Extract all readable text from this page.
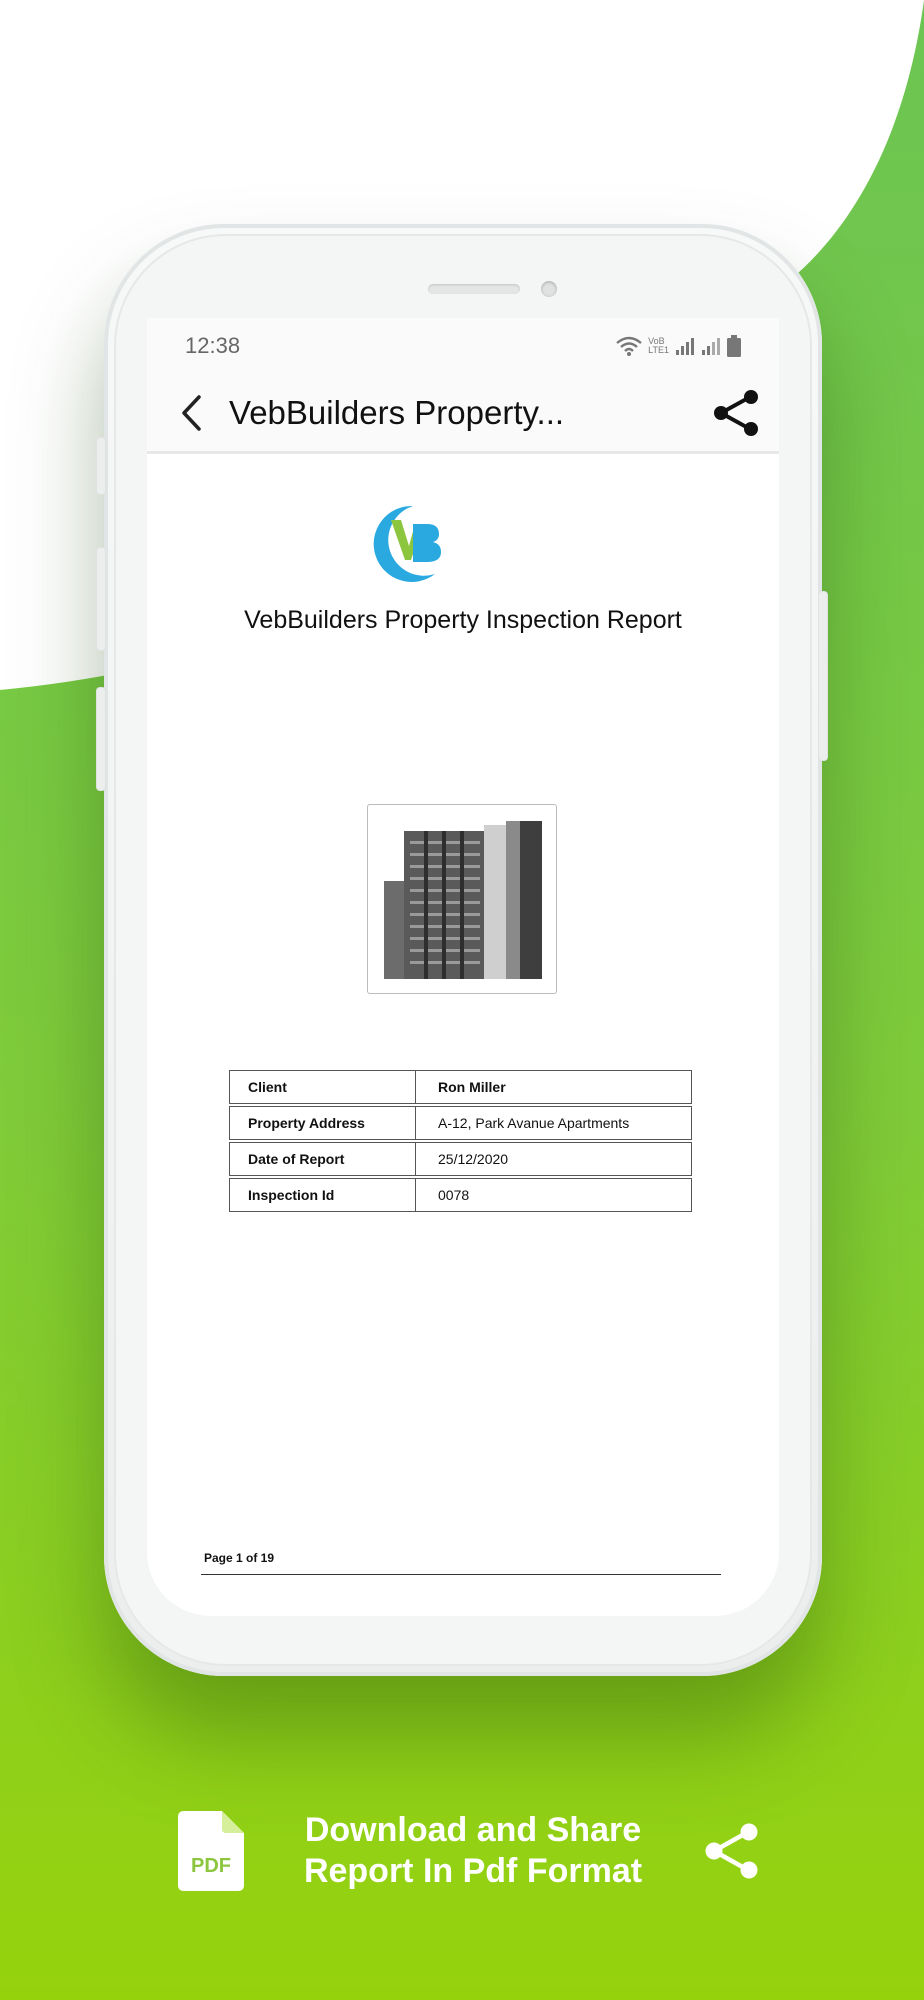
12:38	VoB
LTE1
VebBuilders Property...
VebBuilders Property Inspection Report
Client	Ron Miller
Property Address	A-12, Park Avanue Apartments
Date of Report	25/12/2020
Inspection Id	0078
Page 1 of 19
PDF
Download and Share
Report In Pdf Format
